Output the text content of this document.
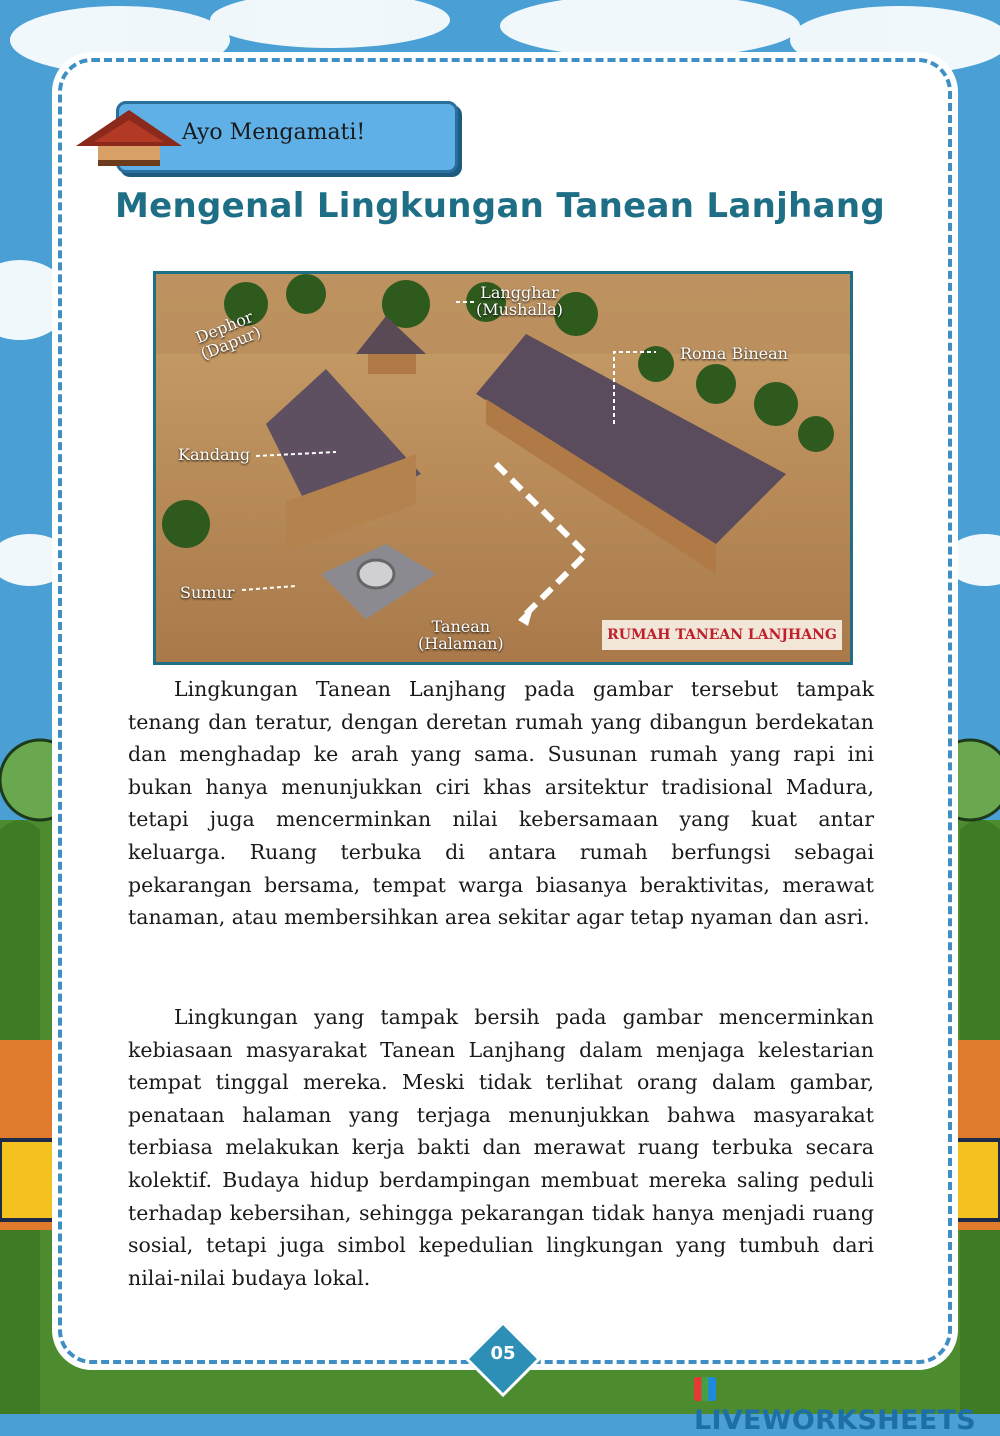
Ayo Mengamati!
Mengenal Lingkungan Tanean Lanjhang
Langghar
(Mushalla)
Dephor
(Dapur)	Roma Binean
Kandang
Sumur
Tanean
(Halaman)	RUMAH TANEAN LANJHANG

Lingkungan Tanean Lanjhang pada gambar tersebut tampak tenang dan teratur, dengan deretan rumah yang dibangun berdekatan dan menghadap ke arah yang sama. Susunan rumah yang rapi ini bukan hanya menunjukkan ciri khas arsitektur tradisional Madura, tetapi juga mencerminkan nilai kebersamaan yang kuat antar keluarga. Ruang terbuka di antara rumah berfungsi sebagai pekarangan bersama, tempat warga biasanya beraktivitas, merawat tanaman, atau membersihkan area sekitar agar tetap nyaman dan asri.

Lingkungan yang tampak bersih pada gambar mencerminkan kebiasaan masyarakat Tanean Lanjhang dalam menjaga kelestarian tempat tinggal mereka. Meski tidak terlihat orang dalam gambar, penataan halaman yang terjaga menunjukkan bahwa masyarakat terbiasa melakukan kerja bakti dan merawat ruang terbuka secara kolektif. Budaya hidup berdampingan membuat mereka saling peduli terhadap kebersihan, sehingga pekarangan tidak hanya menjadi ruang sosial, tetapi juga simbol kepedulian lingkungan yang tumbuh dari nilai-nilai budaya lokal.

05
LIVEWORKSHEETS
